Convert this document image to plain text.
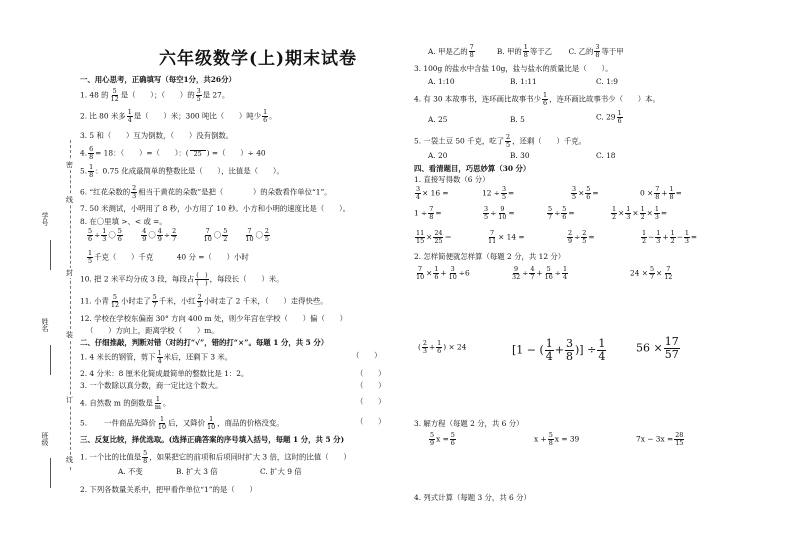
学号
姓名
班级
密
线
封
装
订
线
六年级数学(上)期末试卷
一、用心思考，正确填写（每空1分，共26分）
1. 48 的 $\frac{5}{12}$ 是（　　）；（　　）的 $\frac{3}{5}$ 是 27。
2. 比 80 米多 $\frac{1}{4}$ 是（　　）米；300 吨比（　　）吨少 $\frac{1}{6}$ 。
3. 5 和（　　）互为倒数，（　　）没有倒数。
4. $\frac{6}{8} = 18$：（　　）=（　　）：( 25 ) =（　　）÷ 40
5. $\frac{1}{8}$ ：0.75 化成最简单的整数比是（　　），比值是（　　）。
6. “红花朵数的 $\frac{2}{3}$ 相当于黄花的朵数”是把（　　　　）的朵数看作单位“1”。
7. 50 米测试，小明用了 8 秒，小方用了 10 秒。小方和小明的速度比是（　　）。
8. 在〇里填 >、< 或 =。
$\frac{5}{6} \div \frac{1}{3}$ 〇 $\frac{5}{6}$
	$\frac{4}{9}$ 〇 $\frac{4}{9} \div \frac{2}{7}$
	$\frac{7}{10}$ 〇 $\frac{5}{2}$
	$\frac{7}{10}$ 〇 $\frac{2}{5}$
$\frac{1}{5}$ 千克（　　）千克	40 分 =（　　）小时
10. 把 2 米平均分成 3 段，每段占 $\frac{( )}{( )}$ ，每段长（　　）米。
11. 小青 $\frac{5}{12}$ 小时走了 $\frac{5}{7}$ 千米，小红 $\frac{2}{3}$ 小时走了 2 千米，（　　）走得快些。
12. 学校在学校东偏南 30° 方向 400 m 处，则少年宫在学校（　　）偏（　　）
（　　）方向上，距离学校（　　）m。
二、仔细推敲，判断对错（对的打“√”，错的打“×”。每题 1 分，共 5 分）
1. 4 米长的钢管，剪下 $\frac{1}{4}$ 米后，还剩下 3 米。	（　　）
2. 4 分米：8 厘米化简成最简单的整数比是 1：2。	（　　）
3. 一个数除以真分数，商一定比这个数大。	（　　）
4. 自然数 m 的倒数是 $\frac{1}{m}$ 。	（　　）
5. 　　一件商品先降价 $\frac{1}{10}$ 后，又降价 $\frac{1}{10}$ ，商品的价格没变。	（　　）
三、反复比较，择优选取。(选择正确答案的序号填入括号，每题 1 分，共 5 分)
1. 一个比的比值是 $\frac{5}{8}$ ，如果把它的前项和后项同时扩大 3 倍，这时的比值（　　）
A. 不变	B. 扩大 3 倍	C. 扩大 9 倍
2. 下列各数量关系中，把甲看作单位“1”的是（　　）
A. 甲是乙的 $\frac{7}{8}$	B. 甲的 $\frac{1}{8}$ 等于乙 C. 乙的 $\frac{3}{8}$ 等于甲
3. 100g 的盐水中含盐 10g，盐与盐水的质量比是（　　）。
A. 1:10	B. 1:11	C. 1:9
4. 有 30 本故事书，连环画比故事书少 $\frac{1}{6}$ ，连环画比故事书少（　　）本。
A. 25	B. 5	C. $29 \frac{1}{6}$
5. 一袋土豆 50 千克，吃了 $\frac{2}{5}$ ，还剩（　　）千克。
A. 20	B. 30	C. 18
四、看清题目，巧思妙算（30 分）
1. 直接写得数（6 分）
$\frac{3}{4} \times 16$ =	$12 \div \frac{3}{5}$ =	$\frac{3}{5} \times \frac{5}{6}$ =	$0 \times \frac{7}{8} + \frac{1}{8}$ =
$1 \div \frac{7}{8}$ =	$\frac{3}{5} \div \frac{9}{10}$ =	$\frac{5}{7} \div \frac{5}{6}$ =	$\frac{1}{2} \times \frac{1}{3} \times \frac{1}{2} \times \frac{1}{3}$ =
$\frac{11}{15} \times \frac{24}{25}$ ＝	$\frac{7}{11} \times 14$ =	$\frac{2}{9} \div \frac{2}{5}$ =	$\frac{1}{2} - \frac{1}{3} + \frac{1}{2} - \frac{1}{3}$ =
2. 怎样简便就怎样算（每题 2 分，共 12 分）
$\frac{7}{10} \times \frac{1}{6} + \frac{3}{10} \div 6$	$\frac{9}{32} \div \frac{4}{7} + \frac{5}{16} \div \frac{1}{4}$	$24 \times \frac{5}{7} \times \frac{7}{12}$
( $\frac{2}{3} + \frac{1}{6}$ ) × 24	[1 − ( $\frac{1}{4} + \frac{3}{8}$ )] ÷ $\frac{1}{4}$	$56 \times \frac{17}{57}$
3. 解方程（每题 2 分，共 6 分）
$\frac{5}{9}$ $x = \frac{5}{6}$	$x + \frac{5}{8}$ x = 39	$7x - 3x = \frac{28}{15}$
4. 列式计算（每题 3 分，共 6 分）
